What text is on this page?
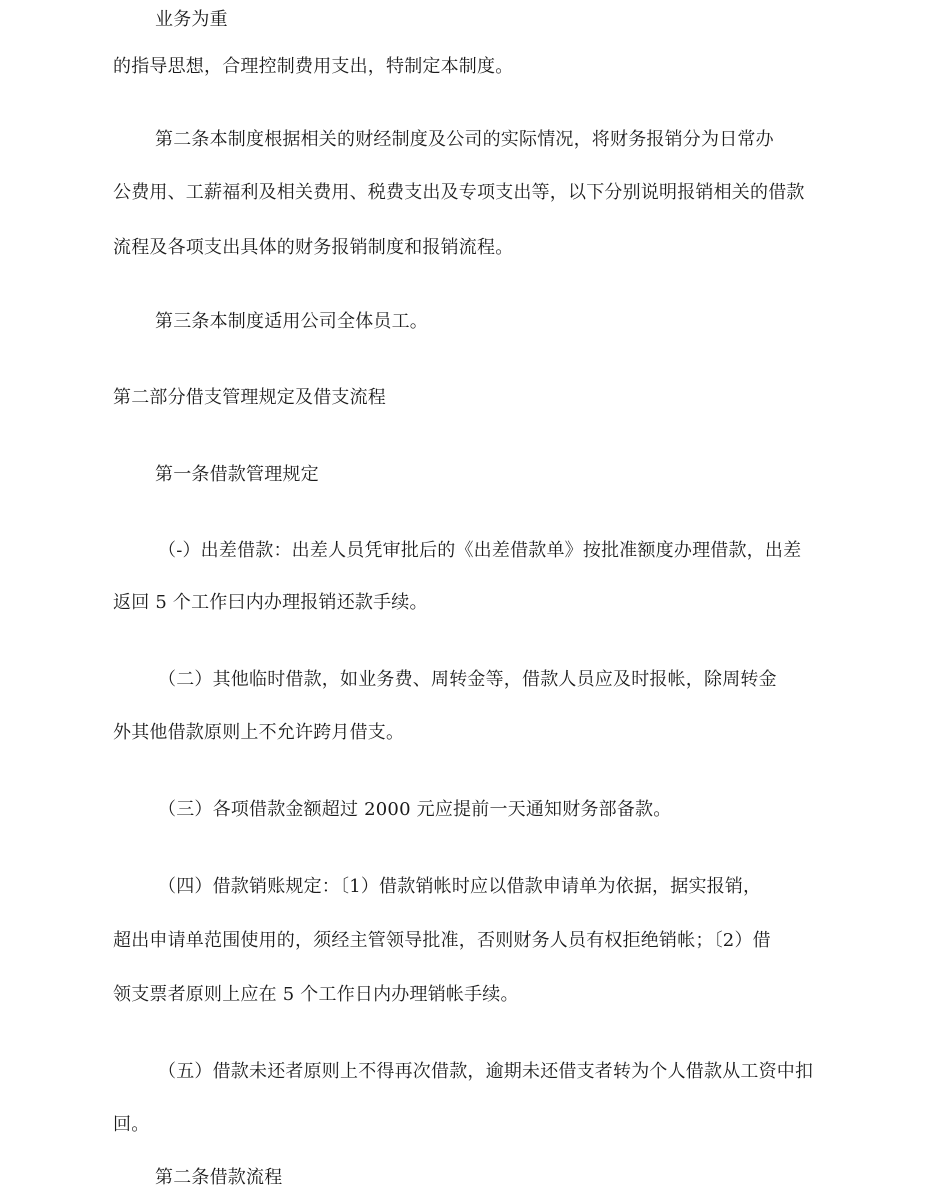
业务为重
的指导思想，合理控制费用支出，特制定本制度。
第二条本制度根据相关的财经制度及公司的实际情况，将财务报销分为日常办
公费用、工薪福利及相关费用、税费支出及专项支出等，以下分别说明报销相关的借款
流程及各项支出具体的财务报销制度和报销流程。
第三条本制度适用公司全体员工。
第二部分借支管理规定及借支流程
第一条借款管理规定
（-）出差借款：出差人员凭审批后的《出差借款单》按批准额度办理借款，出差
返回 5 个工作曰内办理报销还款手续。
（二）其他临时借款，如业务费、周转金等，借款人员应及时报帐，除周转金
外其他借款原则上不允许跨月借支。
（三）各项借款金额超过 2000 元应提前一天通知财务部备款。
（四）借款销账规定：〔1）借款销帐时应以借款申请单为依据，据实报销，
超出申请单范围使用的，须经主管领导批准，否则财务人员有权拒绝销帐；〔2）借
领支票者原则上应在 5 个工作日内办理销帐手续。
（五）借款未还者原则上不得再次借款，逾期未还借支者转为个人借款从工资中扣
回。
第二条借款流程
